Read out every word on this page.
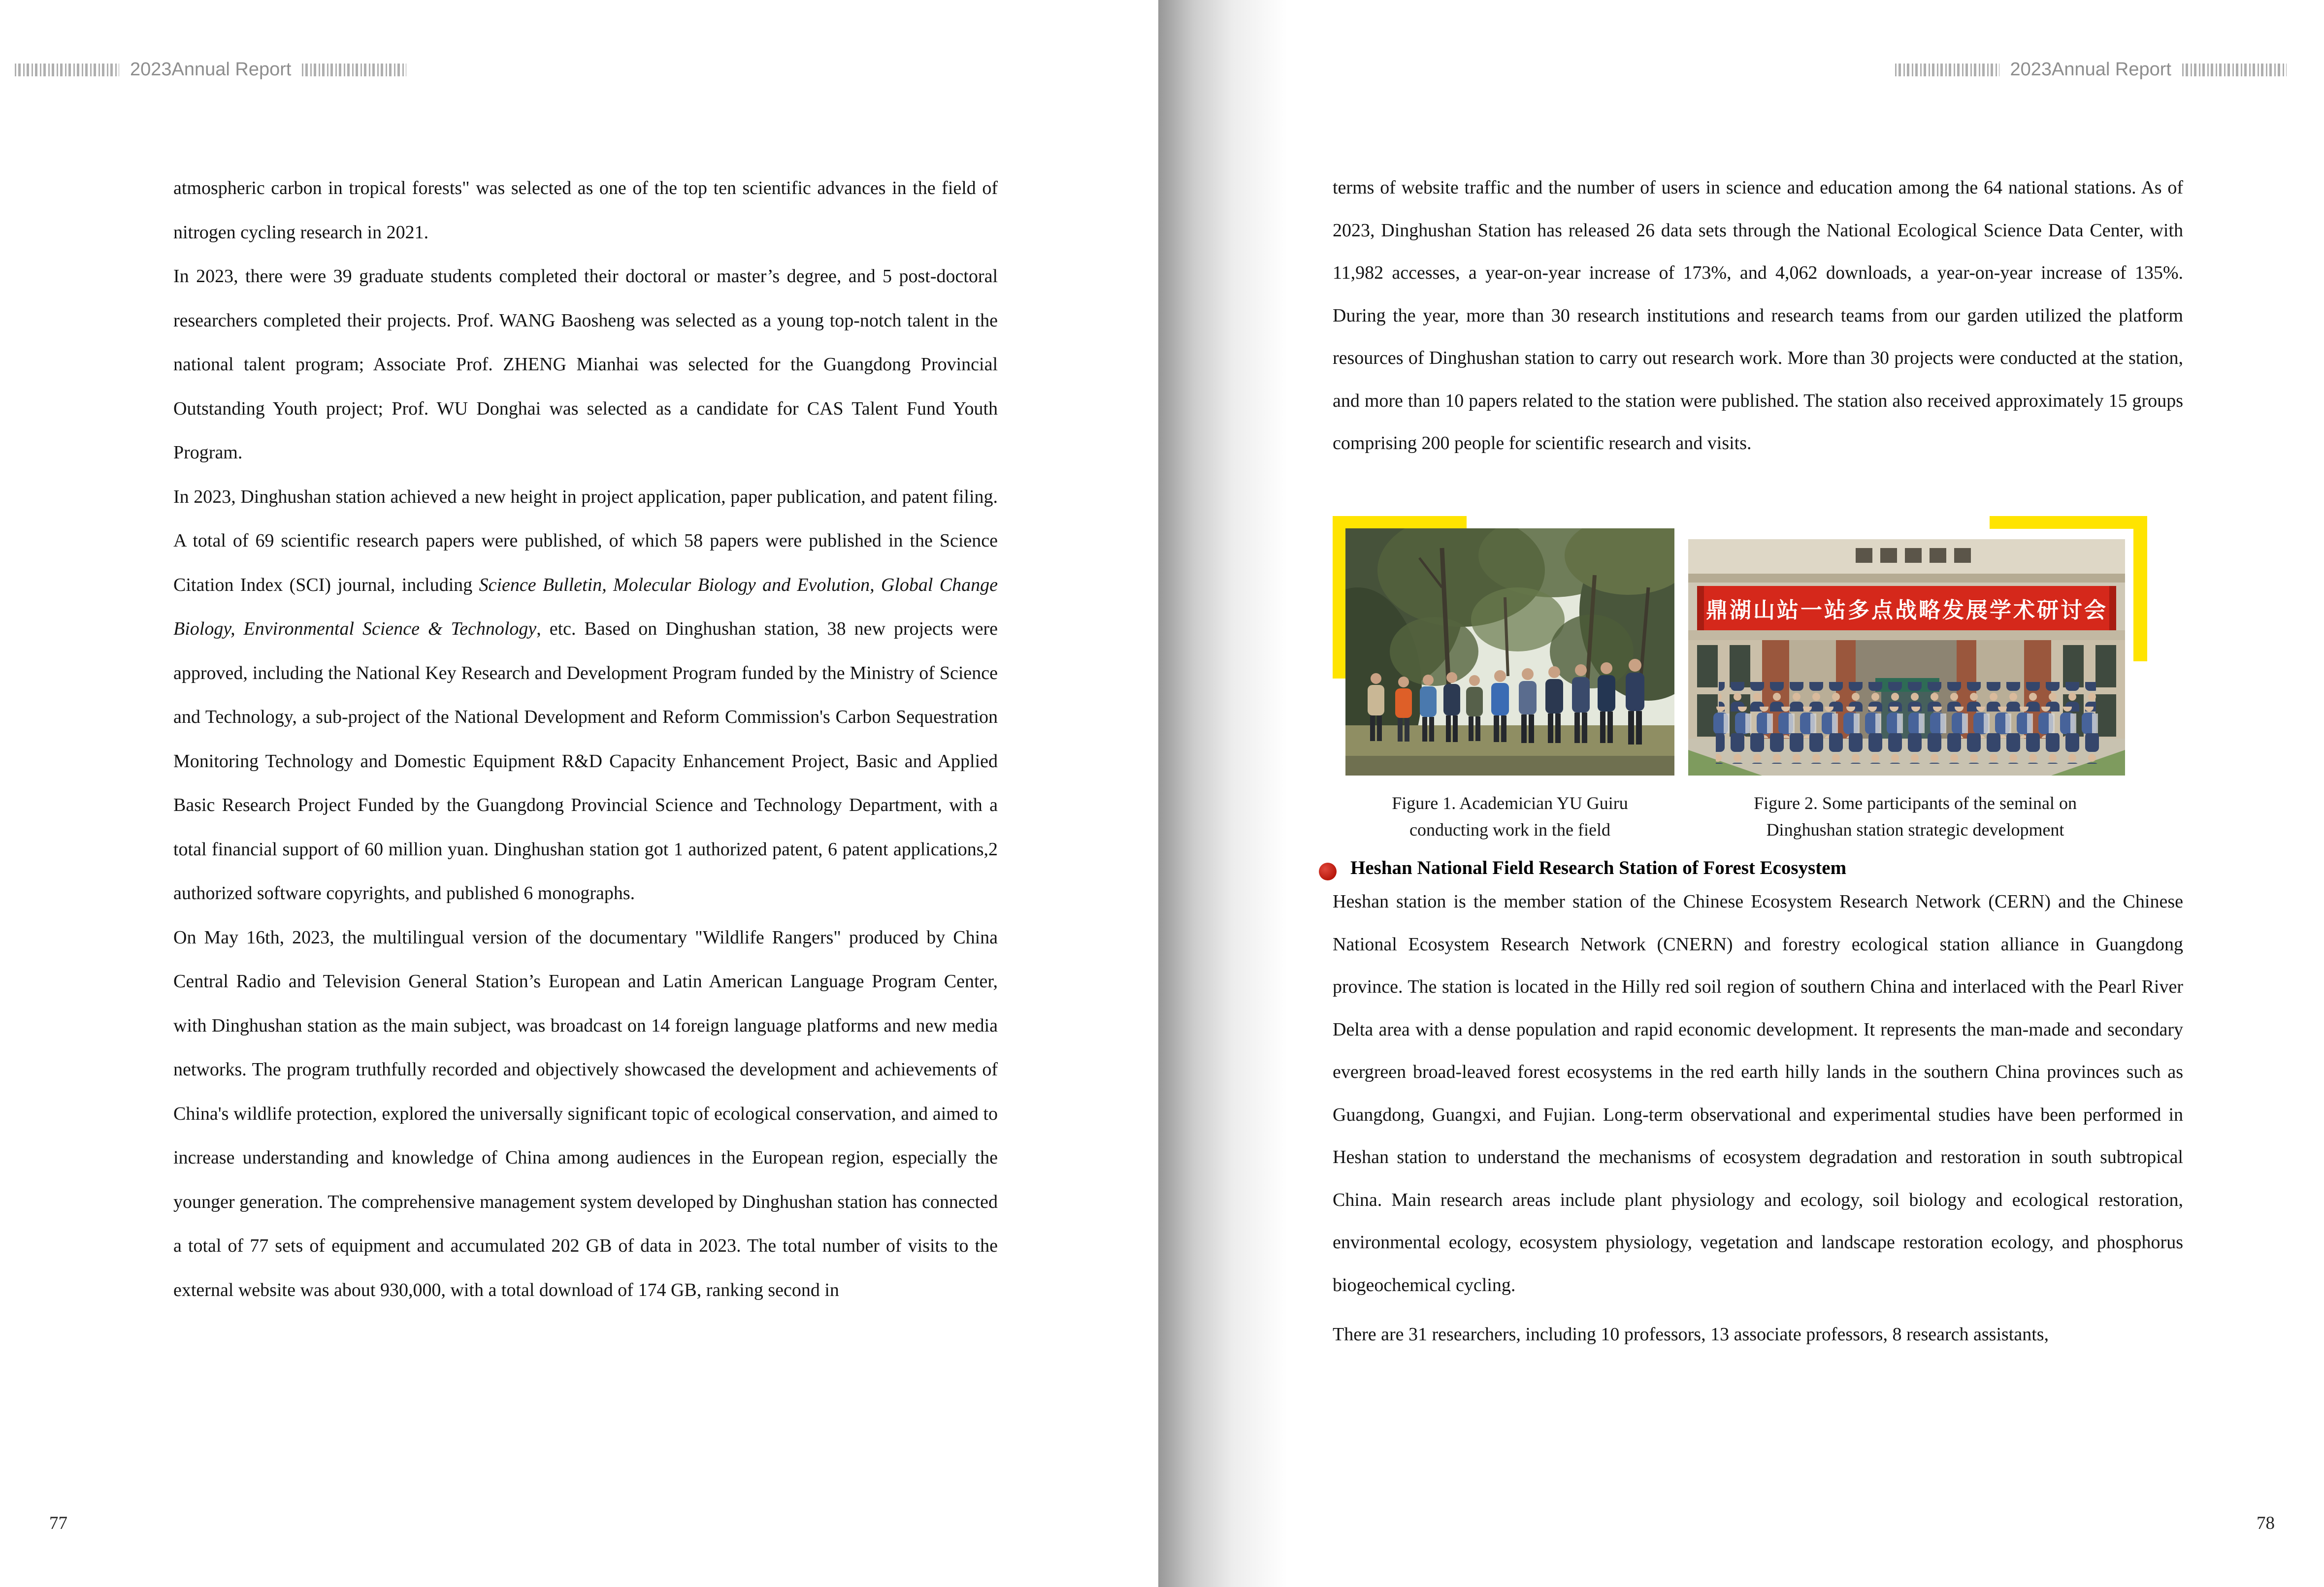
2023Annual Report	2023Annual Report

atmospheric carbon in tropical forests" was selected as one of the top ten scientific advances in the field of nitrogen cycling research in 2021.

In 2023, there were 39 graduate students completed their doctoral or master’s degree, and 5 post-doctoral researchers completed their projects. Prof. WANG Baosheng was selected as a young top-notch talent in the national talent program; Associate Prof. ZHENG Mianhai was selected for the Guangdong Provincial Outstanding Youth project; Prof. WU Donghai was selected as a candidate for CAS Talent Fund Youth Program.

In 2023, Dinghushan station achieved a new height in project application, paper publication, and patent filing. A total of 69 scientific research papers were published, of which 58 papers were published in the Science Citation Index (SCI) journal, including Science Bulletin, Molecular Biology and Evolution, Global Change Biology, Environmental Science & Technology, etc. Based on Dinghushan station, 38 new projects were approved, including the National Key Research and Development Program funded by the Ministry of Science and Technology, a sub-project of the National Development and Reform Commission's Carbon Sequestration Monitoring Technology and Domestic Equipment R&D Capacity Enhancement Project, Basic and Applied Basic Research Project Funded by the Guangdong Provincial Science and Technology Department, with a total financial support of 60 million yuan. Dinghushan station got 1 authorized patent, 6 patent applications,2 authorized software copyrights, and published 6 monographs.

On May 16th, 2023, the multilingual version of the documentary "Wildlife Rangers" produced by China Central Radio and Television General Station’s European and Latin American Language Program Center, with Dinghushan station as the main subject, was broadcast on 14 foreign language platforms and new media networks. The program truthfully recorded and objectively showcased the development and achievements of China's wildlife protection, explored the universally significant topic of ecological conservation, and aimed to increase understanding and knowledge of China among audiences in the European region, especially the younger generation. The comprehensive management system developed by Dinghushan station has connected a total of 77 sets of equipment and accumulated 202 GB of data in 2023. The total number of visits to the external website was about 930,000, with a total download of 174 GB, ranking second in

terms of website traffic and the number of users in science and education among the 64 national stations. As of 2023, Dinghushan Station has released 26 data sets through the National Ecological Science Data Center, with 11,982 accesses, a year-on-year increase of 173%, and 4,062 downloads, a year-on-year increase of 135%. During the year, more than 30 research institutions and research teams from our garden utilized the platform resources of Dinghushan station to carry out research work. More than 30 projects were conducted at the station, and more than 10 papers related to the station were published. The station also received approximately 15 groups comprising 200 people for scientific research and visits.

鼎湖山站一站多点战略发展学术研讨会
Figure 1. Academician YU Guiru
conducting work in the field
Figure 2. Some participants of the seminal on
Dinghushan station strategic development
Heshan National Field Research Station of Forest Ecosystem

Heshan station is the member station of the Chinese Ecosystem Research Network (CERN) and the Chinese National Ecosystem Research Network (CNERN) and forestry ecological station alliance in Guangdong province. The station is located in the Hilly red soil region of southern China and interlaced with the Pearl River Delta area with a dense population and rapid economic development. It represents the man-made and secondary evergreen broad-leaved forest ecosystems in the red earth hilly lands in the southern China provinces such as Guangdong, Guangxi, and Fujian. Long-term observational and experimental studies have been performed in Heshan station to understand the mechanisms of ecosystem degradation and restoration in south subtropical China. Main research areas include plant physiology and ecology, soil biology and ecological restoration, environmental ecology, ecosystem physiology, vegetation and landscape restoration ecology, and phosphorus biogeochemical cycling.

There are 31 researchers, including 10 professors, 13 associate professors, 8 research assistants,

77	78
